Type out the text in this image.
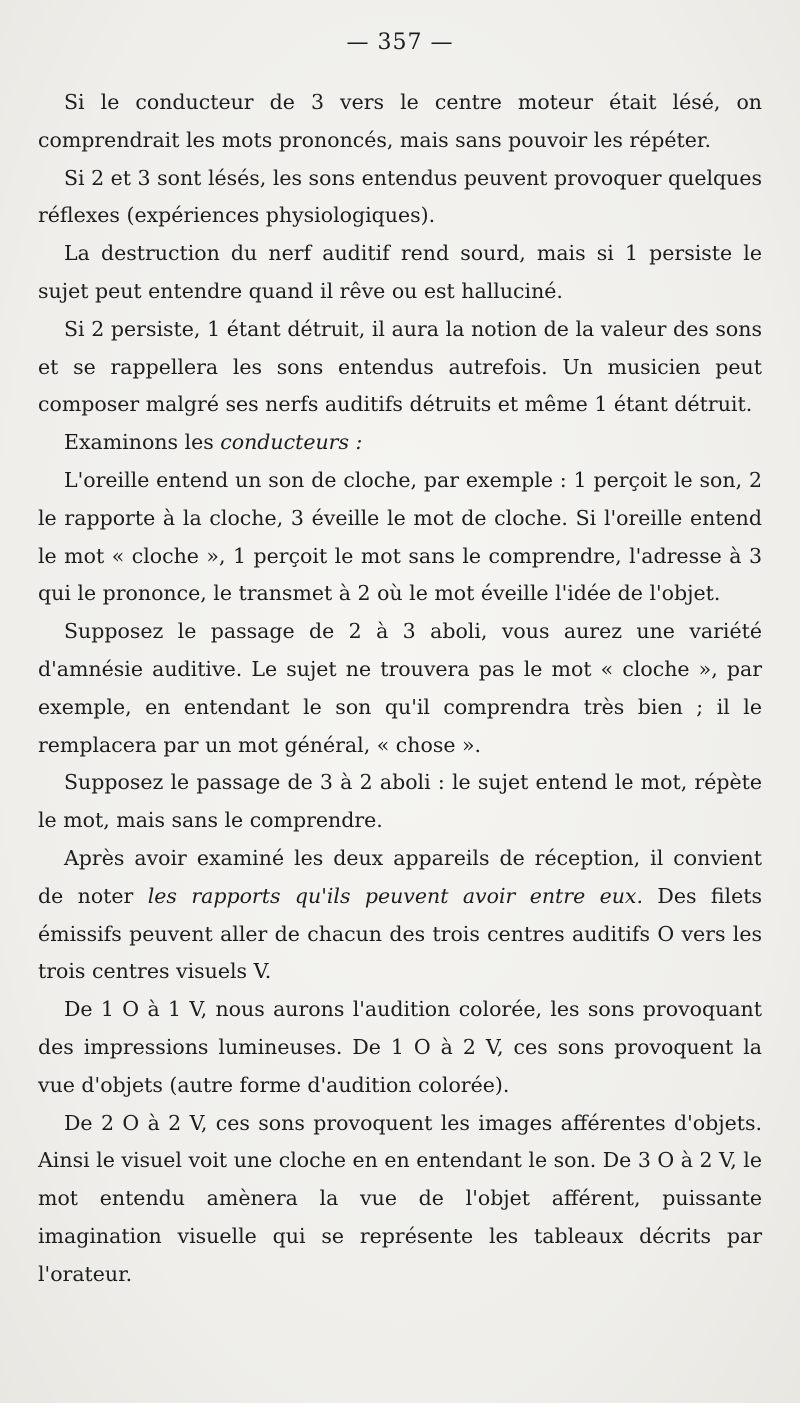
— 357 —

Si le conducteur de 3 vers le centre moteur était lésé, on comprendrait les mots prononcés, mais sans pouvoir les répéter.

Si 2 et 3 sont lésés, les sons entendus peuvent provoquer quelques réflexes (expériences physiologiques).

La destruction du nerf auditif rend sourd, mais si 1 persiste le sujet peut entendre quand il rêve ou est halluciné.

Si 2 persiste, 1 étant détruit, il aura la notion de la valeur des sons et se rappellera les sons entendus autrefois. Un musicien peut composer malgré ses nerfs auditifs détruits et même 1 étant détruit.

Examinons les conducteurs :

L'oreille entend un son de cloche, par exemple : 1 perçoit le son, 2 le rapporte à la cloche, 3 éveille le mot de cloche. Si l'oreille entend le mot « cloche », 1 perçoit le mot sans le comprendre, l'adresse à 3 qui le prononce, le transmet à 2 où le mot éveille l'idée de l'objet.

Supposez le passage de 2 à 3 aboli, vous aurez une variété d'amnésie auditive. Le sujet ne trouvera pas le mot « cloche », par exemple, en entendant le son qu'il comprendra très bien ; il le remplacera par un mot général, « chose ».

Supposez le passage de 3 à 2 aboli : le sujet entend le mot, répète le mot, mais sans le comprendre.

Après avoir examiné les deux appareils de réception, il convient de noter les rapports qu'ils peuvent avoir entre eux. Des filets émissifs peuvent aller de chacun des trois centres auditifs O vers les trois centres visuels V.

De 1 O à 1 V, nous aurons l'audition colorée, les sons provoquant des impressions lumineuses. De 1 O à 2 V, ces sons provoquent la vue d'objets (autre forme d'audition colorée).

De 2 O à 2 V, ces sons provoquent les images afférentes d'objets. Ainsi le visuel voit une cloche en en entendant le son. De 3 O à 2 V, le mot entendu amènera la vue de l'objet afférent, puissante imagination visuelle qui se représente les tableaux décrits par l'orateur.
